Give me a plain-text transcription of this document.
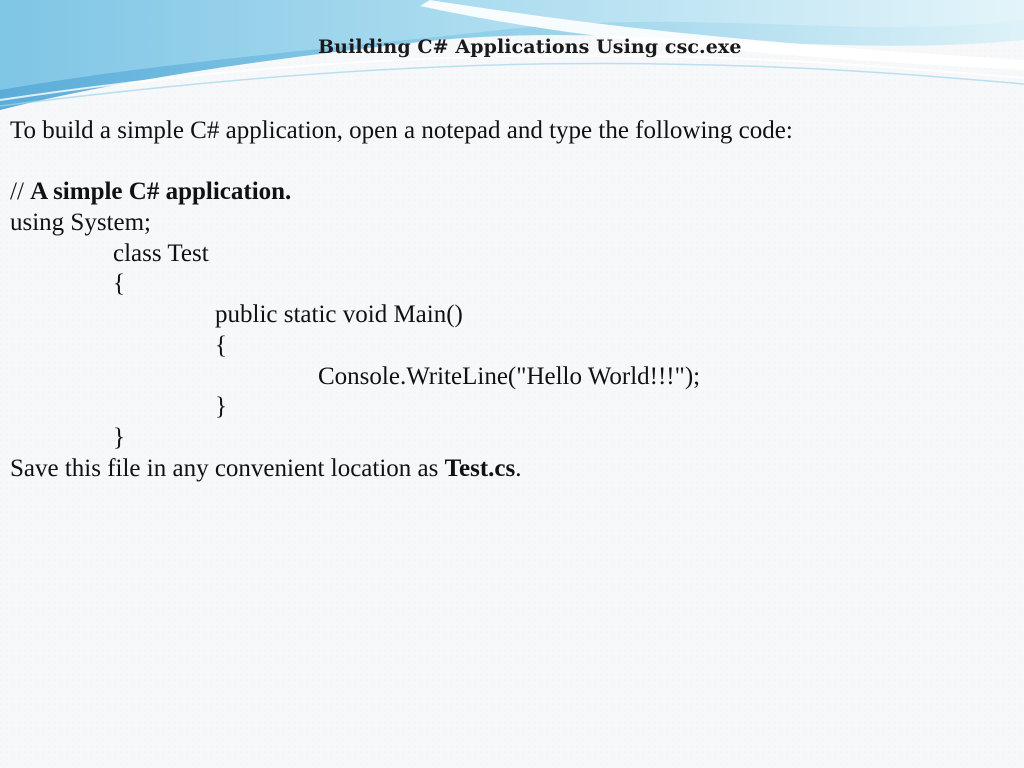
Building C# Applications Using csc.exe
To build a simple C# application, open a notepad and type the following code:
// A simple C# application.
using System;
class Test
{
public static void Main()
{
Console.WriteLine("Hello World!!!");
}
}
Save this file in any convenient location as Test.cs.
